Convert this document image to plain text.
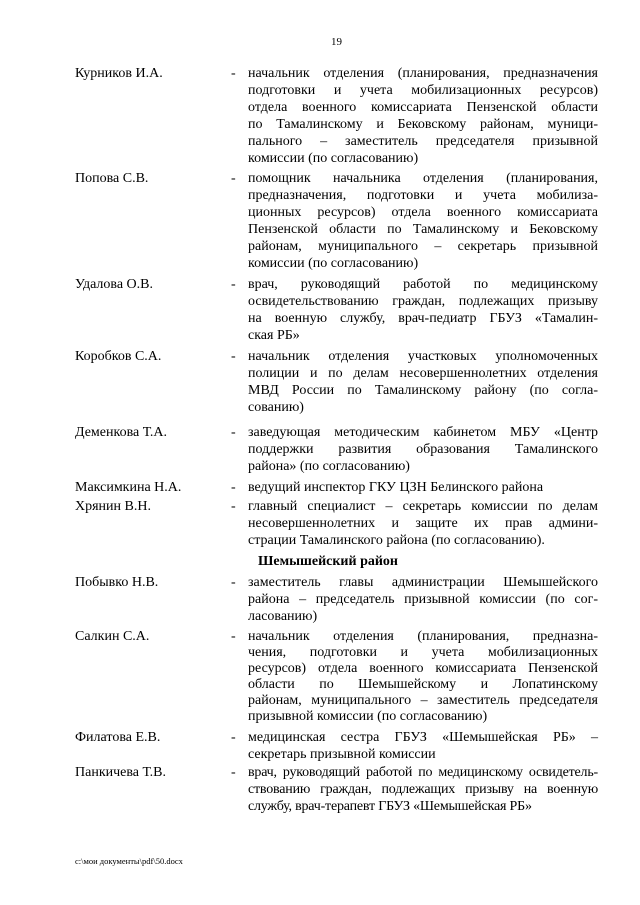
19
Курников И.А.	- начальник отделения (планирования, предназначения
подготовки и учета мобилизационных ресурсов)
отдела военного комиссариата Пензенской области
по Тамалинскому и Бековскому районам, муници-
пального – заместитель председателя призывной
комиссии (по согласованию)
Попова С.В.	- помощник начальника отделения (планирования,
предназначения, подготовки и учета мобилиза-
ционных ресурсов) отдела военного комиссариата
Пензенской области по Тамалинскому и Бековскому
районам, муниципального – секретарь призывной
комиссии (по согласованию)
Удалова О.В.	- врач, руководящий работой по медицинскому
освидетельствованию граждан, подлежащих призыву
на военную службу, врач-педиатр ГБУЗ «Тамалин-
ская РБ»
Коробков С.А.	- начальник отделения участковых уполномоченных
полиции и по делам несовершеннолетних отделения
МВД России по Тамалинскому району (по согла-
сованию)
Деменкова Т.А.	- заведующая методическим кабинетом МБУ «Центр
поддержки развития образования Тамалинского
района» (по согласованию)
Максимкина Н.А.	- ведущий инспектор ГКУ ЦЗН Белинского района
Хрянин В.Н.	- главный специалист – секретарь комиссии по делам
несовершеннолетних и защите их прав админи-
страции Тамалинского района (по согласованию).
Шемышейский район
Побывко Н.В.	- заместитель главы администрации Шемышейского
района – председатель призывной комиссии (по сог-
ласованию)
Салкин С.А.	- начальник отделения (планирования, предназна-
чения, подготовки и учета мобилизационных
ресурсов) отдела военного комиссариата Пензенской
области по Шемышейскому и Лопатинскому
районам, муниципального – заместитель председателя
призывной комиссии (по согласованию)
Филатова Е.В.	- медицинская сестра ГБУЗ «Шемышейская РБ» –
секретарь призывной комиссии
Панкичева Т.В.	- врач, руководящий работой по медицинскому освидетель-
ствованию граждан, подлежащих призыву на военную
службу, врач-терапевт ГБУЗ «Шемышейская РБ»
c:\мои документы\pdf\50.docx
